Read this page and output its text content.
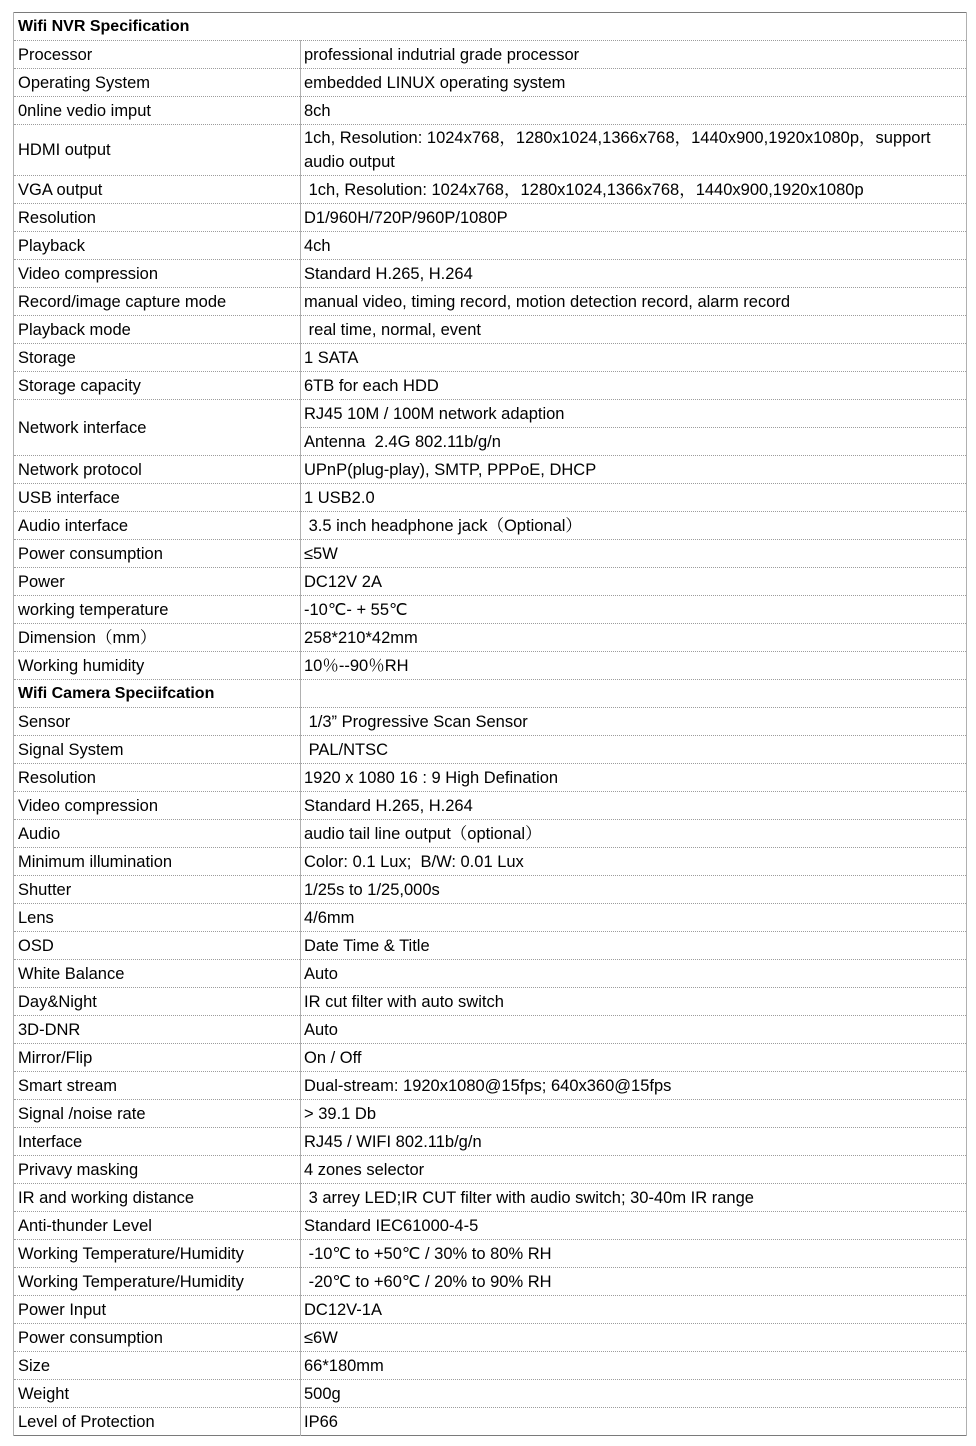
Wifi NVR Specification	
Processor	professional indutrial grade processor
Operating System	embedded LINUX operating system
0nline vedio imput	8ch
HDMI output	1ch, Resolution: 1024x768，1280x1024,1366x768，1440x900,1920x1080p，support audio output
VGA output	1ch, Resolution: 1024x768，1280x1024,1366x768，1440x900,1920x1080p
Resolution	D1/960H/720P/960P/1080P
Playback	4ch
Video compression	Standard H.265, H.264
Record/image capture mode	manual video, timing record, motion detection record, alarm record
Playback mode	real time, normal, event
Storage	1 SATA
Storage capacity	6TB for each HDD
Network interface	RJ45 10M / 100M network adaption
	Antenna  2.4G 802.11b/g/n
Network protocol	UPnP(plug-play), SMTP, PPPoE, DHCP
USB interface	1 USB2.0
Audio interface	3.5 inch headphone jack（Optional）
Power consumption	≤5W
Power	DC12V 2A
working temperature	-10℃- + 55℃
Dimension（mm）	258*210*42mm
Working humidity	10％--90％RH
Wifi Camera Speciifcation	
Sensor	1/3” Progressive Scan Sensor
Signal System	PAL/NTSC
Resolution	1920 x 1080 16 : 9 High Defination
Video compression	Standard H.265, H.264
Audio	audio tail line output（optional）
Minimum illumination	Color: 0.1 Lux;  B/W: 0.01 Lux
Shutter	1/25s to 1/25,000s
Lens	4/6mm
OSD	Date Time & Title
White Balance	Auto
Day&Night	IR cut filter with auto switch
3D-DNR	Auto
Mirror/Flip	On / Off
Smart stream	Dual-stream: 1920x1080@15fps; 640x360@15fps
Signal /noise rate	> 39.1 Db
Interface	RJ45 / WIFI 802.11b/g/n
Privavy masking	4 zones selector
IR and working distance	3 arrey LED;IR CUT filter with audio switch; 30-40m IR range
Anti-thunder Level	Standard IEC61000-4-5
Working Temperature/Humidity	-10℃ to +50℃ / 30% to 80% RH
Working Temperature/Humidity	-20℃ to +60℃ / 20% to 90% RH
Power Input	DC12V-1A
Power consumption	≤6W
Size	66*180mm
Weight	500g
Level of Protection	IP66
